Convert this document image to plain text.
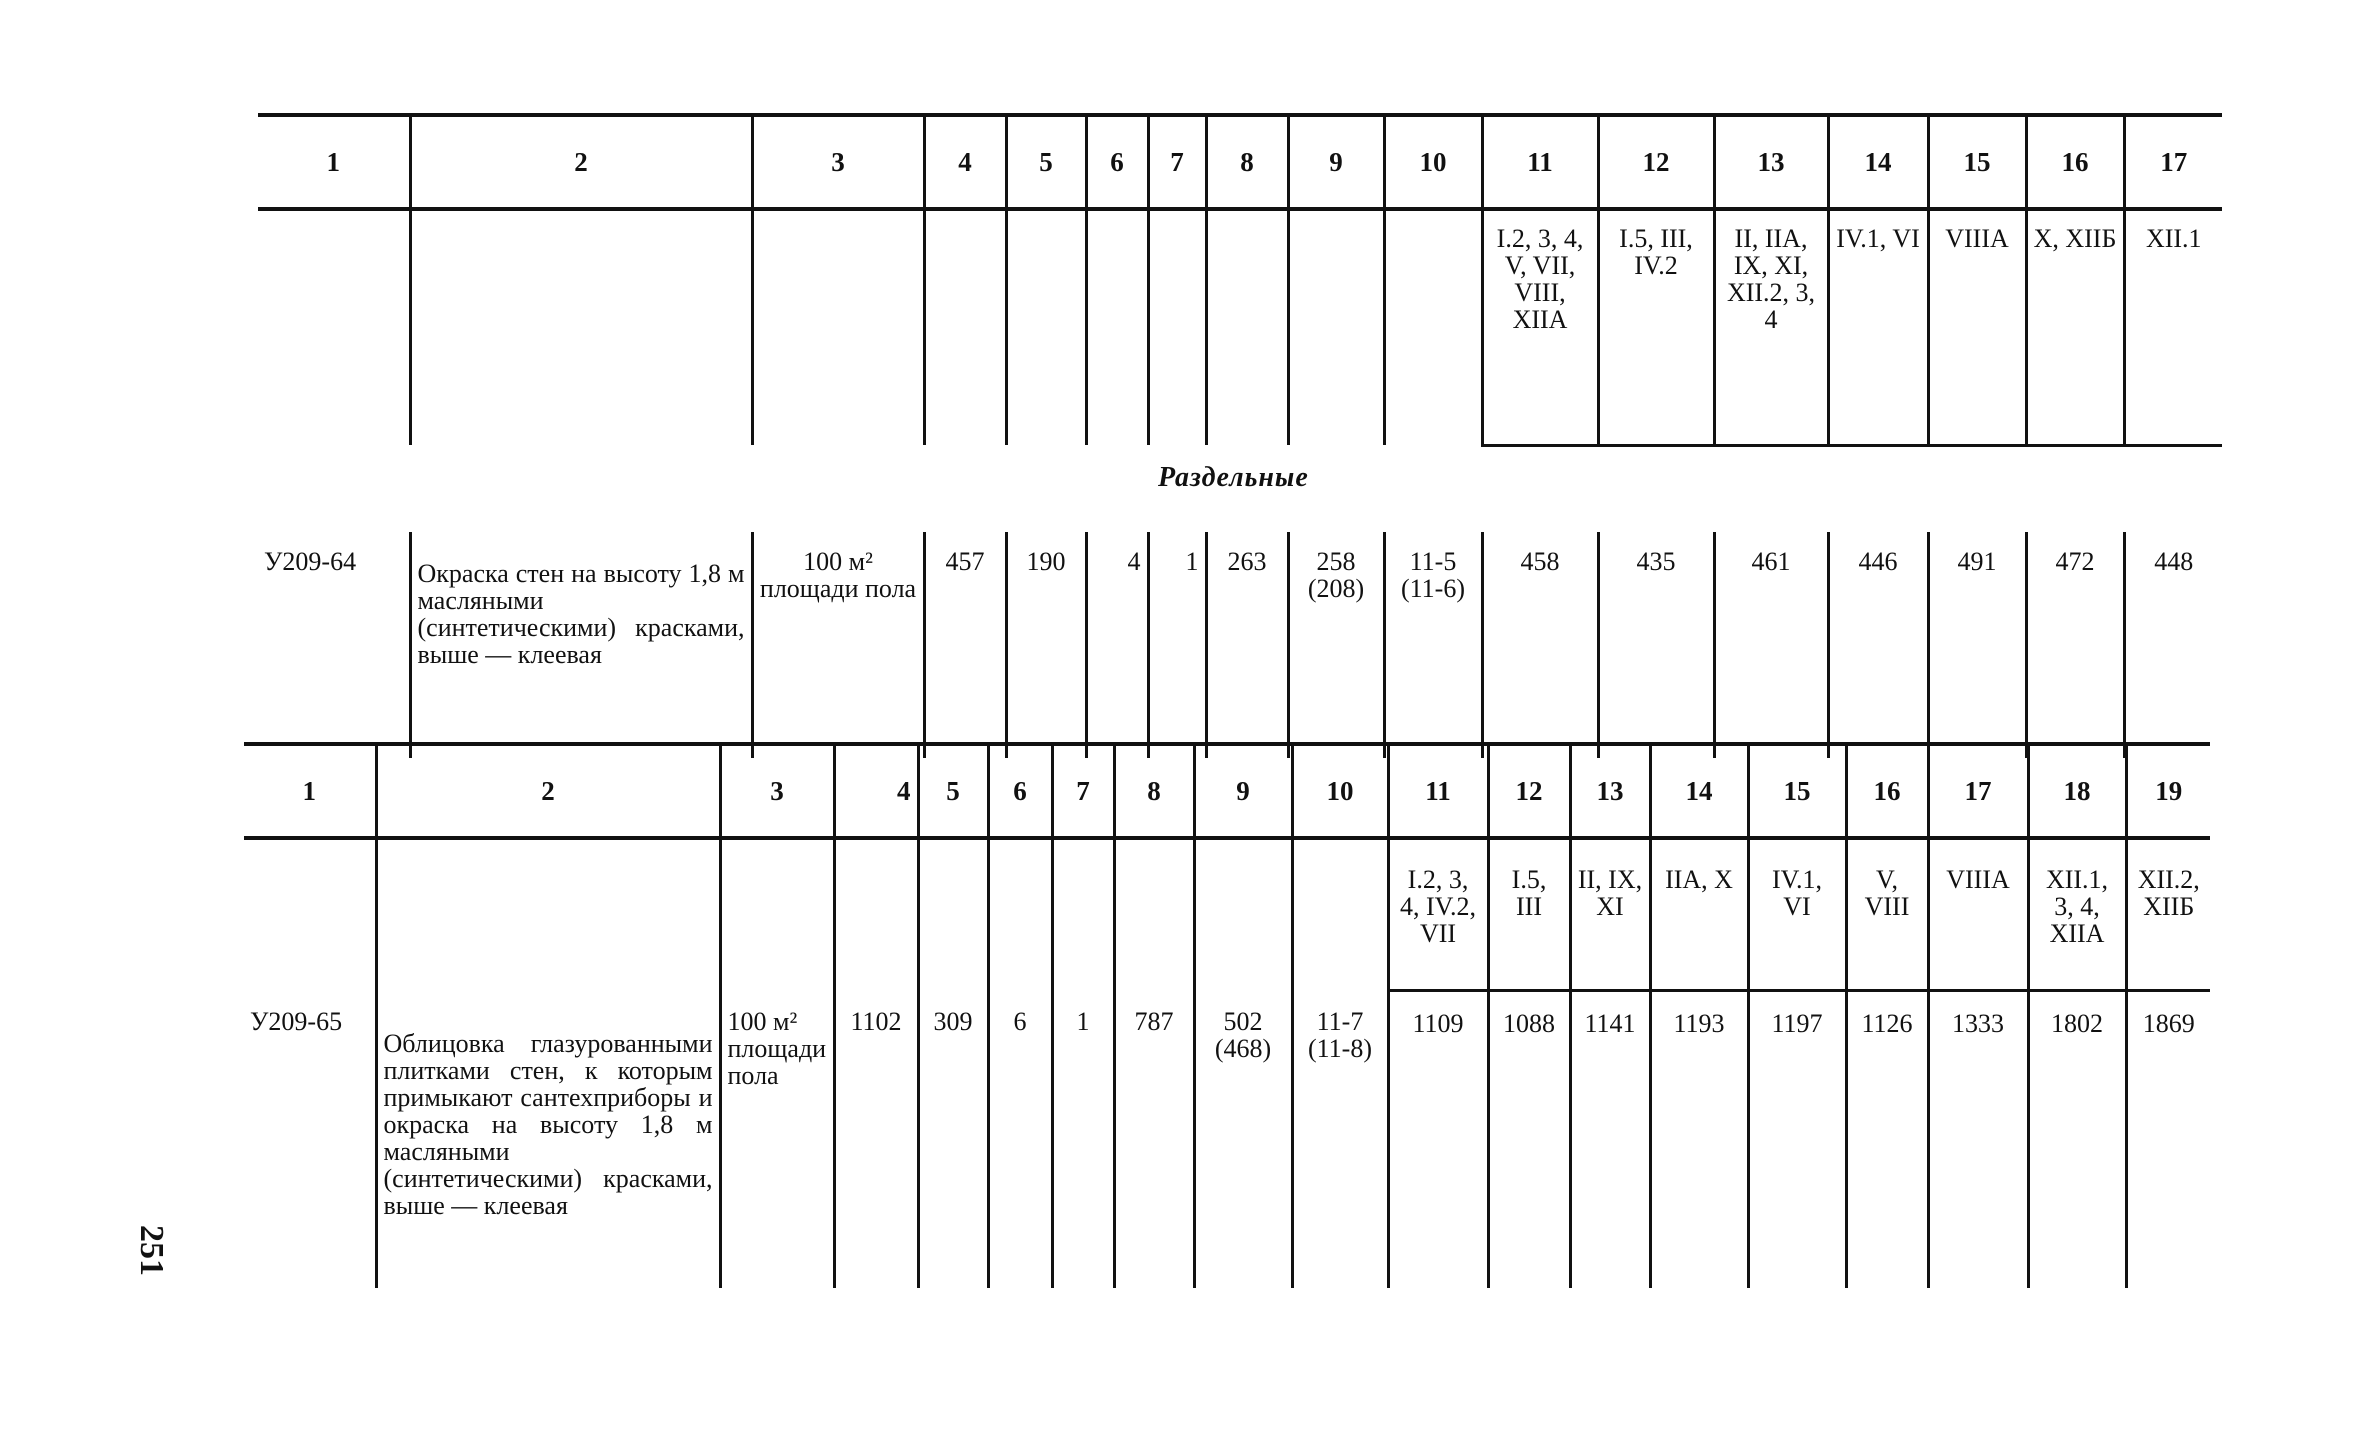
1	2	3	4	5	6	7	8	9	10	11	12	13	14	15	16	17
										I.2, 3, 4, V, VII, VIII, XIIА	I.5, III, IV.2	II, IIА, IX, XI, XII.2, 3, 4	IV.1, VI	VIIIА	X, XIIБ	XII.1

У209-64	Окраска стен на высоту 1,8 м масляными (синтетическими) красками, выше — клеевая	100 м² площади пола	457	190	4	1	263	258 (208)	11-5 (11-6)	458	435	461	446	491	472	448
Раздельные
1	2	3	4	5	6	7	8	9	10	11	12	13	14	15	16	17	18	19
										I.2, 3, 4, IV.2, VII	I.5, III	II, IX, XI	IIА, X	IV.1, VI	V, VIII	VIIIА	XII.1, 3, 4, XIIА	XII.2, XIIБ
У209-65	Облицовка глазурованными плитками стен, к которым примыкают сантехприборы и окраска на высоту 1,8 м масляными (синтетическими) красками, выше — клеевая	100 м² площади пола	1102	309	6	1	787	502 (468)	11-7 (11-8)	1109	1088	1141	1193	1197	1126	1333	1802	1869
251
